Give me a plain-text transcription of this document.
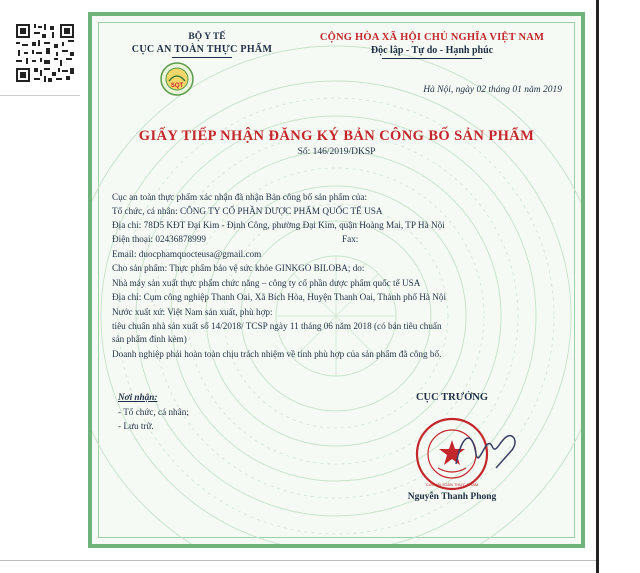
BỘ Y TẾ
CỤC AN TOÀN THỰC PHẨM
SQT
CỘNG HÒA XÃ HỘI CHỦ NGHĨA VIỆT NAM
Độc lập - Tự do - Hạnh phúc
Hà Nội, ngày 02 tháng 01 năm 2019
GIẤY TIẾP NHẬN ĐĂNG KÝ BẢN CÔNG BỐ SẢN PHẨM
Số: 146/2019/DKSP
Cục an toàn thực phẩm xác nhận đã nhận Bản công bố sản phẩm của:
Tổ chức, cá nhân: CÔNG TY CỔ PHẦN DƯỢC PHẨM QUỐC TẾ USA
Địa chỉ: 78D5 KĐT Đại Kim - Định Công, phường Đại Kim, quận Hoàng Mai, TP Hà Nội
Điện thoại: 02436878999	Fax:
Email: duocphamquocteusa@gmail.com
Cho sản phẩm: Thực phẩm bảo vệ sức khỏe GINKGO BILOBA; do:
Nhà máy sản xuất thực phẩm chức năng – công ty cổ phần dược phẩm quốc tế USA
Địa chỉ: Cụm công nghiệp Thanh Oai, Xã Bích Hòa, Huyện Thanh Oai, Thành phố Hà Nội
Nước xuất xứ: Việt Nam sản xuất, phù hợp:
tiêu chuẩn nhà sản xuất số 14/2018/ TCSP ngày 11 tháng 06 năm 2018 (có bản tiêu chuẩn
sản phẩm đính kèm)
Doanh nghiệp phải hoàn toàn chịu trách nhiệm về tính phù hợp của sản phẩm đã công bố.
Nơi nhận:
- Tổ chức, cá nhân;
- Lưu trữ.
CỤC TRƯỞNG
CỤC AN TOÀN THỰC PHẨM
Nguyễn Thanh Phong
